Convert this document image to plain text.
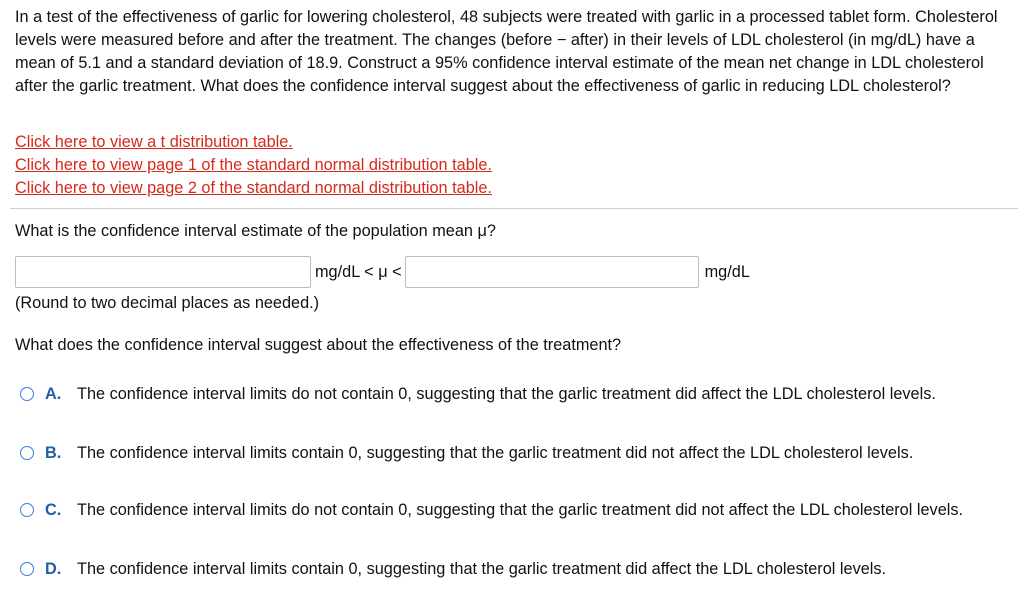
In a test of the effectiveness of garlic for lowering cholesterol, 48 subjects were treated with garlic in a processed tablet form. Cholesterol levels were measured before and after the treatment. The changes (before − after) in their levels of LDL cholesterol (in mg/dL) have a mean of 5.1 and a standard deviation of 18.9. Construct a 95% confidence interval estimate of the mean net change in LDL cholesterol after the garlic treatment. What does the confidence interval suggest about the effectiveness of garlic in reducing LDL cholesterol?
Click here to view a t distribution table.
Click here to view page 1 of the standard normal distribution table.
Click here to view page 2 of the standard normal distribution table.
What is the confidence interval estimate of the population mean μ?
mg/dL < μ <	mg/dL
(Round to two decimal places as needed.)
What does the confidence interval suggest about the effectiveness of the treatment?
A. The confidence interval limits do not contain 0, suggesting that the garlic treatment did affect the LDL cholesterol levels.
B. The confidence interval limits contain 0, suggesting that the garlic treatment did not affect the LDL cholesterol levels.
C. The confidence interval limits do not contain 0, suggesting that the garlic treatment did not affect the LDL cholesterol levels.
D. The confidence interval limits contain 0, suggesting that the garlic treatment did affect the LDL cholesterol levels.
